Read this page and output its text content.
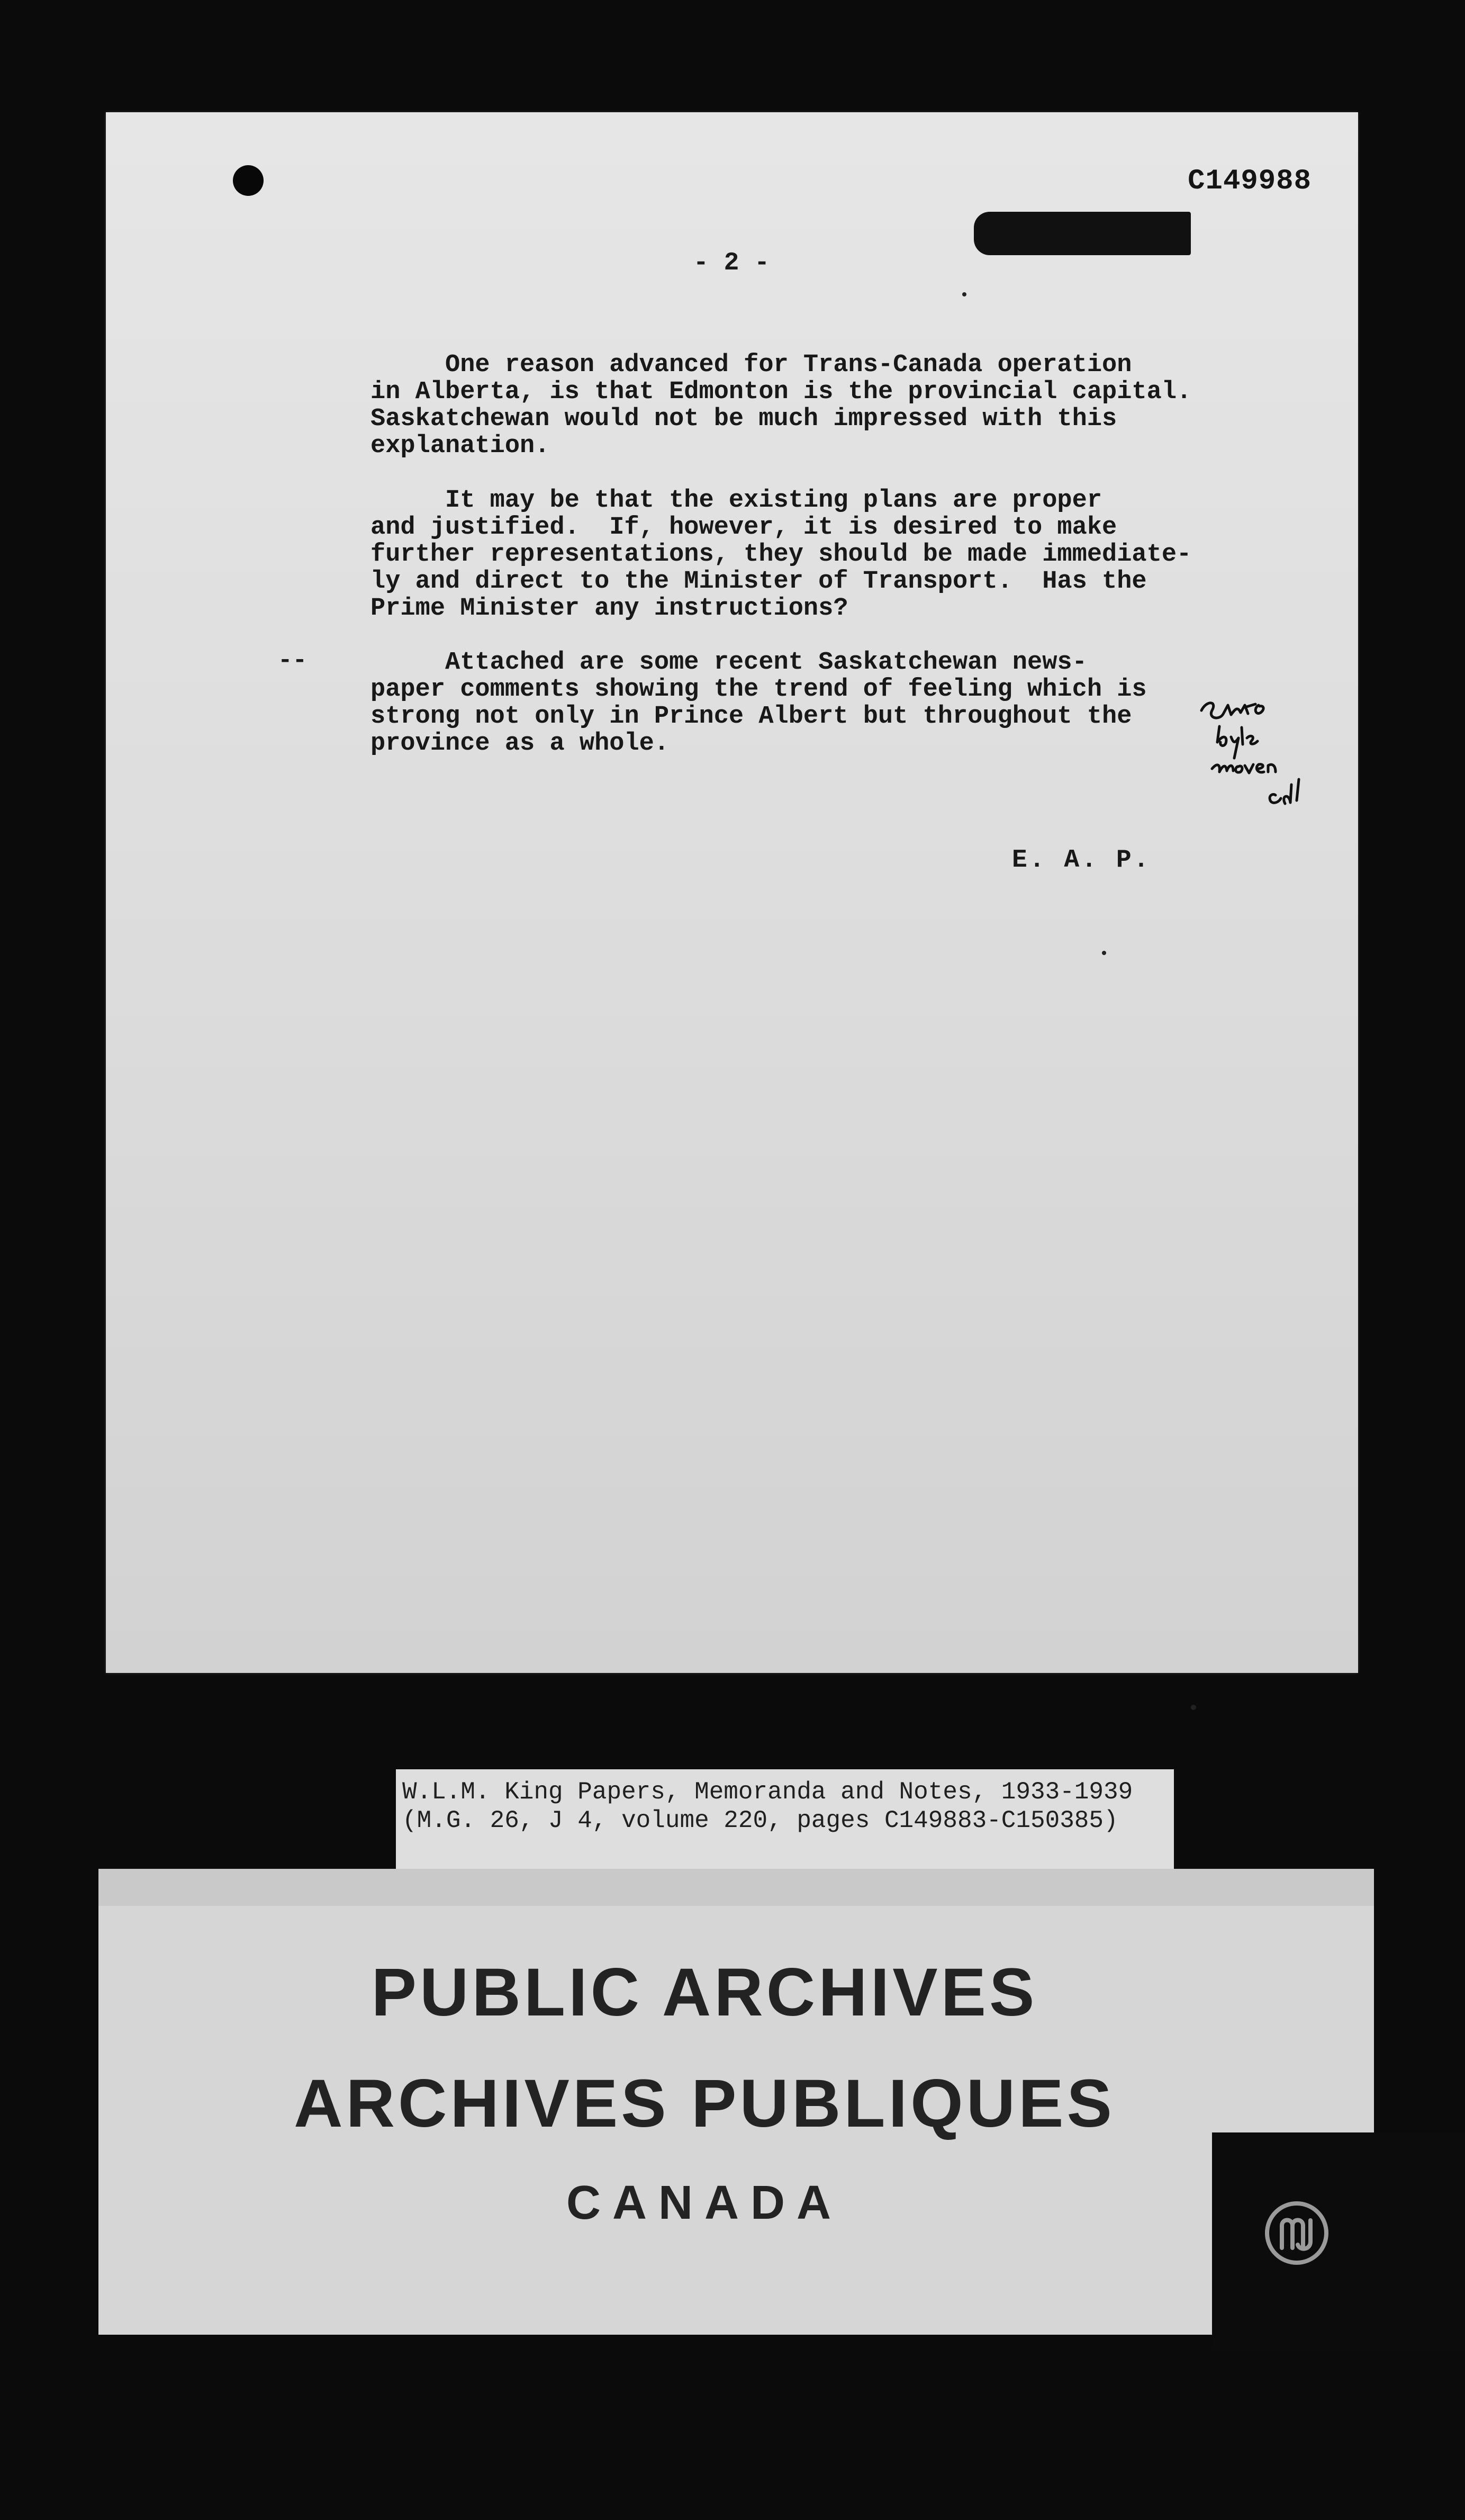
C149988
- 2 -
One reason advanced for Trans-Canada operation
in Alberta, is that Edmonton is the provincial capital.
Saskatchewan would not be much impressed with this
explanation.
It may be that the existing plans are proper
and justified.  If, however, it is desired to make
further representations, they should be made immediate-
ly and direct to the Minister of Transport.  Has the
Prime Minister any instructions?
Attached are some recent Saskatchewan news-
paper comments showing the trend of feeling which is
strong not only in Prince Albert but throughout the
province as a whole.
--
E. A. P.
W.L.M. King Papers, Memoranda and Notes, 1933-1939
(M.G. 26, J 4, volume 220, pages C149883-C150385)
PUBLIC ARCHIVES
ARCHIVES PUBLIQUES
CANADA
